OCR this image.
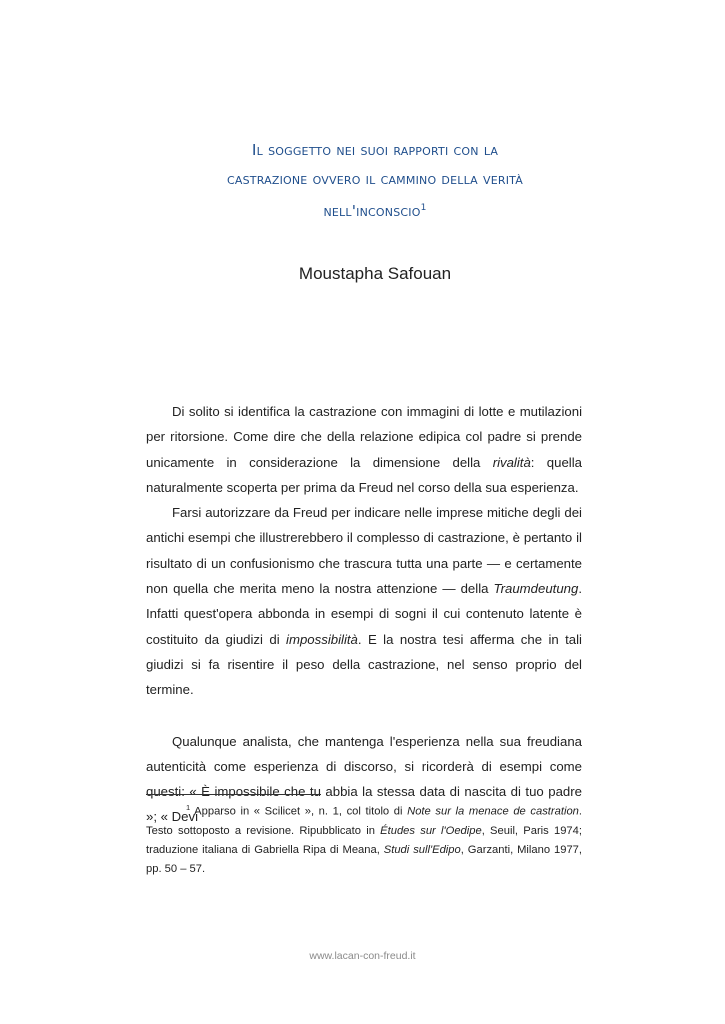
Il soggetto nei suoi rapporti con la
castrazione ovvero il cammino della verità
nell'inconscio$^1$
Moustapha Safouan

Di solito si identifica la castrazione con immagini di lotte e mutilazioni per ritorsione. Come dire che della relazione edipica col padre si prende unicamente in considerazione la dimensione della rivalità: quella naturalmente scoperta per prima da Freud nel corso della sua esperienza.

Farsi autorizzare da Freud per indicare nelle imprese mitiche degli dei antichi esempi che illustrerebbero il complesso di castrazione, è pertanto il risultato di un confusionismo che trascura tutta una parte — e certamente non quella che merita meno la nostra attenzione — della Traumdeutung. Infatti quest'opera abbonda in esempi di sogni il cui contenuto latente è costituito da giudizi di impossibilità. E la nostra tesi afferma che in tali giudizi si fa risentire il peso della castrazione, nel senso proprio del termine.

Qualunque analista, che mantenga l'esperienza nella sua freudiana autenticità come esperienza di discorso, si ricorderà di esempi come questi: « È impossibile che tu abbia la stessa data di nascita di tuo padre »; « Devi

$^1$ Apparso in « Scilicet », n. 1, col titolo di Note sur la menace de castration. Testo sottoposto a revisione. Ripubblicato in Études sur l'Oedipe, Seuil, Paris 1974; traduzione italiana di Gabriella Ripa di Meana, Studi sull'Edipo, Garzanti, Milano 1977, pp. 50 – 57.

www.lacan-con-freud.it
